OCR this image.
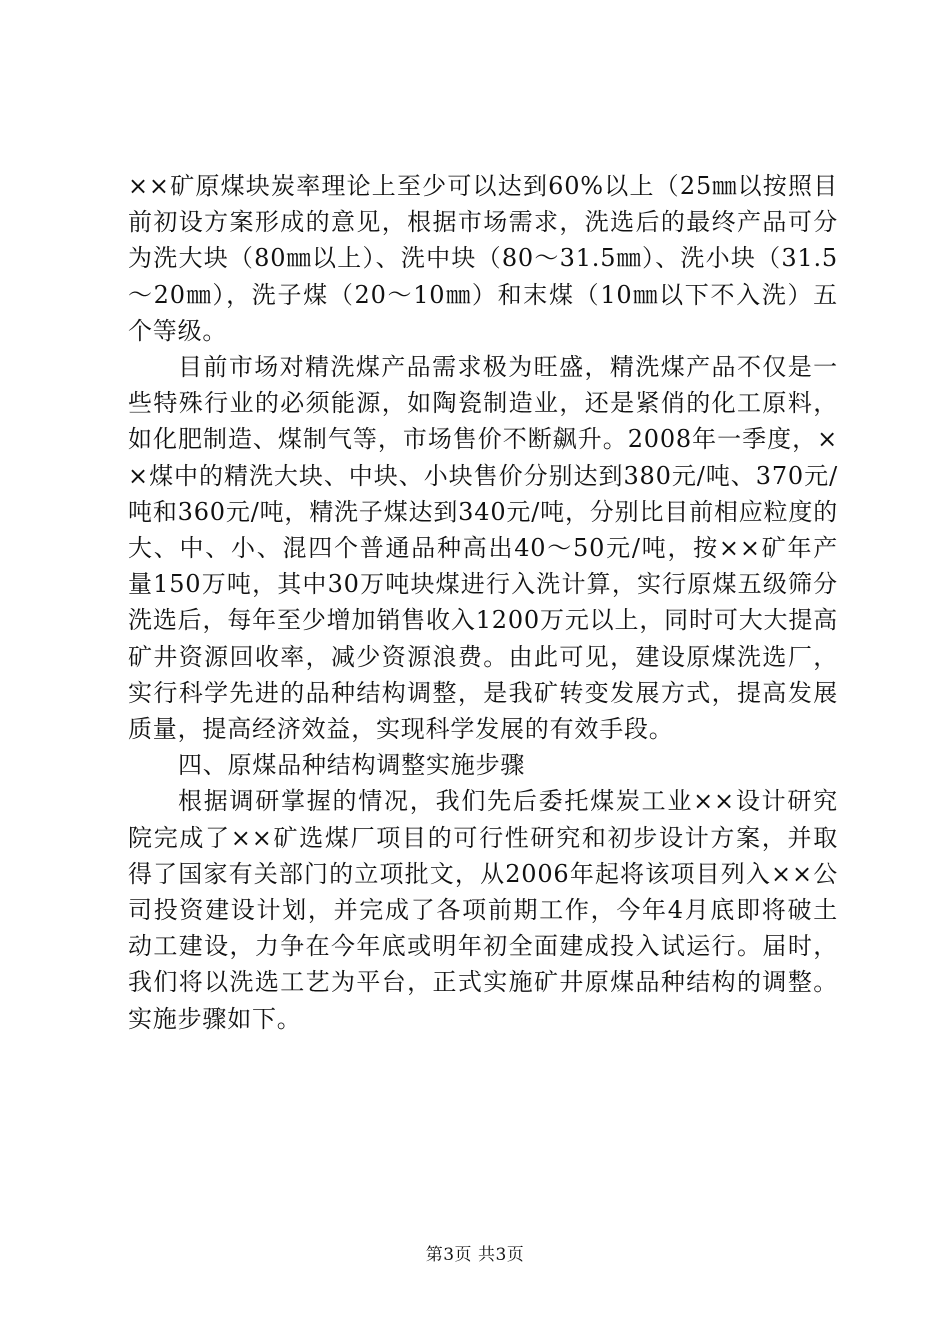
××矿原煤块炭率理论上至少可以达到60%以上（25㎜以按照目前初设方案形成的意见，根据市场需求，洗选后的最终产品可分为洗大块（80㎜以上）、洗中块（80～31.5㎜）、洗小块（31.5～20㎜），洗子煤（20～10㎜）和末煤（10㎜以下不入洗）五个等级。

目前市场对精洗煤产品需求极为旺盛，精洗煤产品不仅是一些特殊行业的必须能源，如陶瓷制造业，还是紧俏的化工原料，如化肥制造、煤制气等，市场售价不断飙升。2008年一季度，××煤中的精洗大块、中块、小块售价分别达到380元/吨、370元/吨和360元/吨，精洗子煤达到340元/吨，分别比目前相应粒度的大、中、小、混四个普通品种高出40～50元/吨，按××矿年产量150万吨，其中30万吨块煤进行入洗计算，实行原煤五级筛分洗选后，每年至少增加销售收入1200万元以上，同时可大大提高矿井资源回收率，减少资源浪费。由此可见，建设原煤洗选厂，实行科学先进的品种结构调整，是我矿转变发展方式，提高发展质量，提高经济效益，实现科学发展的有效手段。

四、原煤品种结构调整实施步骤

根据调研掌握的情况，我们先后委托煤炭工业××设计研究院完成了××矿选煤厂项目的可行性研究和初步设计方案，并取得了国家有关部门的立项批文，从2006年起将该项目列入××公司投资建设计划，并完成了各项前期工作，今年4月底即将破土动工建设，力争在今年底或明年初全面建成投入试运行。届时，我们将以洗选工艺为平台，正式实施矿井原煤品种结构的调整。实施步骤如下。

第3页 共3页
